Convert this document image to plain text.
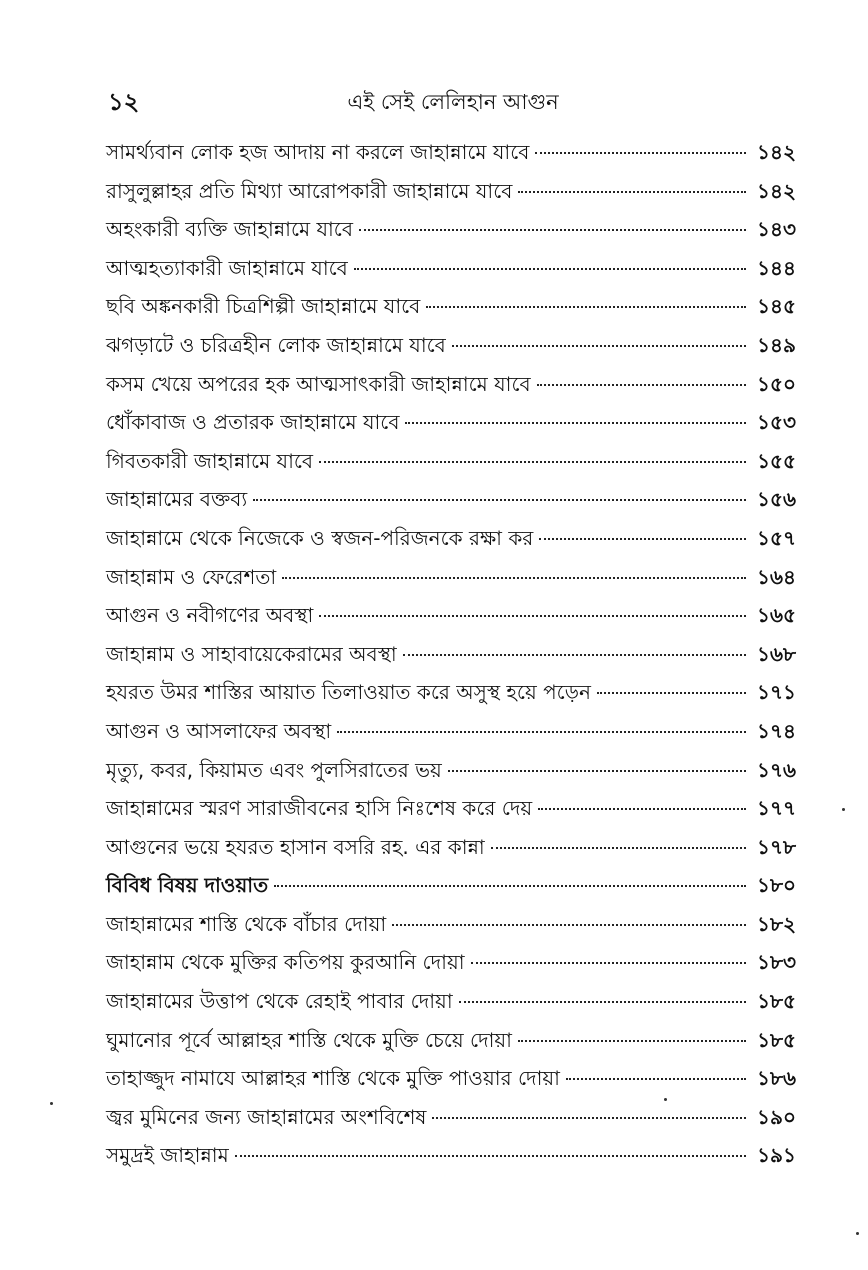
১২	এই সেই লেলিহান আগুন
সামর্থ্যবান লোক হজ আদায় না করলে জাহান্নামে যাবে	১৪২
রাসুলুল্লাহর প্রতি মিথ্যা আরোপকারী জাহান্নামে যাবে	১৪২
অহংকারী ব্যক্তি জাহান্নামে যাবে	১৪৩
আত্মহত্যাকারী জাহান্নামে যাবে	১৪৪
ছবি অঙ্কনকারী চিত্রশিল্পী জাহান্নামে যাবে	১৪৫
ঝগড়াটে ও চরিত্রহীন লোক জাহান্নামে যাবে	১৪৯
কসম খেয়ে অপরের হক আত্মসাৎকারী জাহান্নামে যাবে	১৫০
ধোঁকাবাজ ও প্রতারক জাহান্নামে যাবে	১৫৩
গিবতকারী জাহান্নামে যাবে	১৫৫
জাহান্নামের বক্তব্য	১৫৬
জাহান্নামে থেকে নিজেকে ও স্বজন-পরিজনকে রক্ষা কর	১৫৭
জাহান্নাম ও ফেরেশতা	১৬৪
আগুন ও নবীগণের অবস্থা	১৬৫
জাহান্নাম ও সাহাবায়েকেরামের অবস্থা	১৬৮
হযরত উমর শাস্তির আয়াত তিলাওয়াত করে অসুস্থ হয়ে পড়েন	১৭১
আগুন ও আসলাফের অবস্থা	১৭৪
মৃত্যু, কবর, কিয়ামত এবং পুলসিরাতের ভয়	১৭৬
জাহান্নামের স্মরণ সারাজীবনের হাসি নিঃশেষ করে দেয়	১৭৭
আগুনের ভয়ে হযরত হাসান বসরি রহ. এর কান্না	১৭৮
বিবিধ বিষয় দাওয়াত	১৮০
জাহান্নামের শাস্তি থেকে বাঁচার দোয়া	১৮২
জাহান্নাম থেকে মুক্তির কতিপয় কুরআনি দোয়া	১৮৩
জাহান্নামের উত্তাপ থেকে রেহাই পাবার দোয়া	১৮৫
ঘুমানোর পূর্বে আল্লাহর শাস্তি থেকে মুক্তি চেয়ে দোয়া	১৮৫
তাহাজ্জুদ নামাযে আল্লাহর শাস্তি থেকে মুক্তি পাওয়ার দোয়া	১৮৬
জ্বর মুমিনের জন্য জাহান্নামের অংশবিশেষ	১৯০
সমুদ্রই জাহান্নাম	১৯১
